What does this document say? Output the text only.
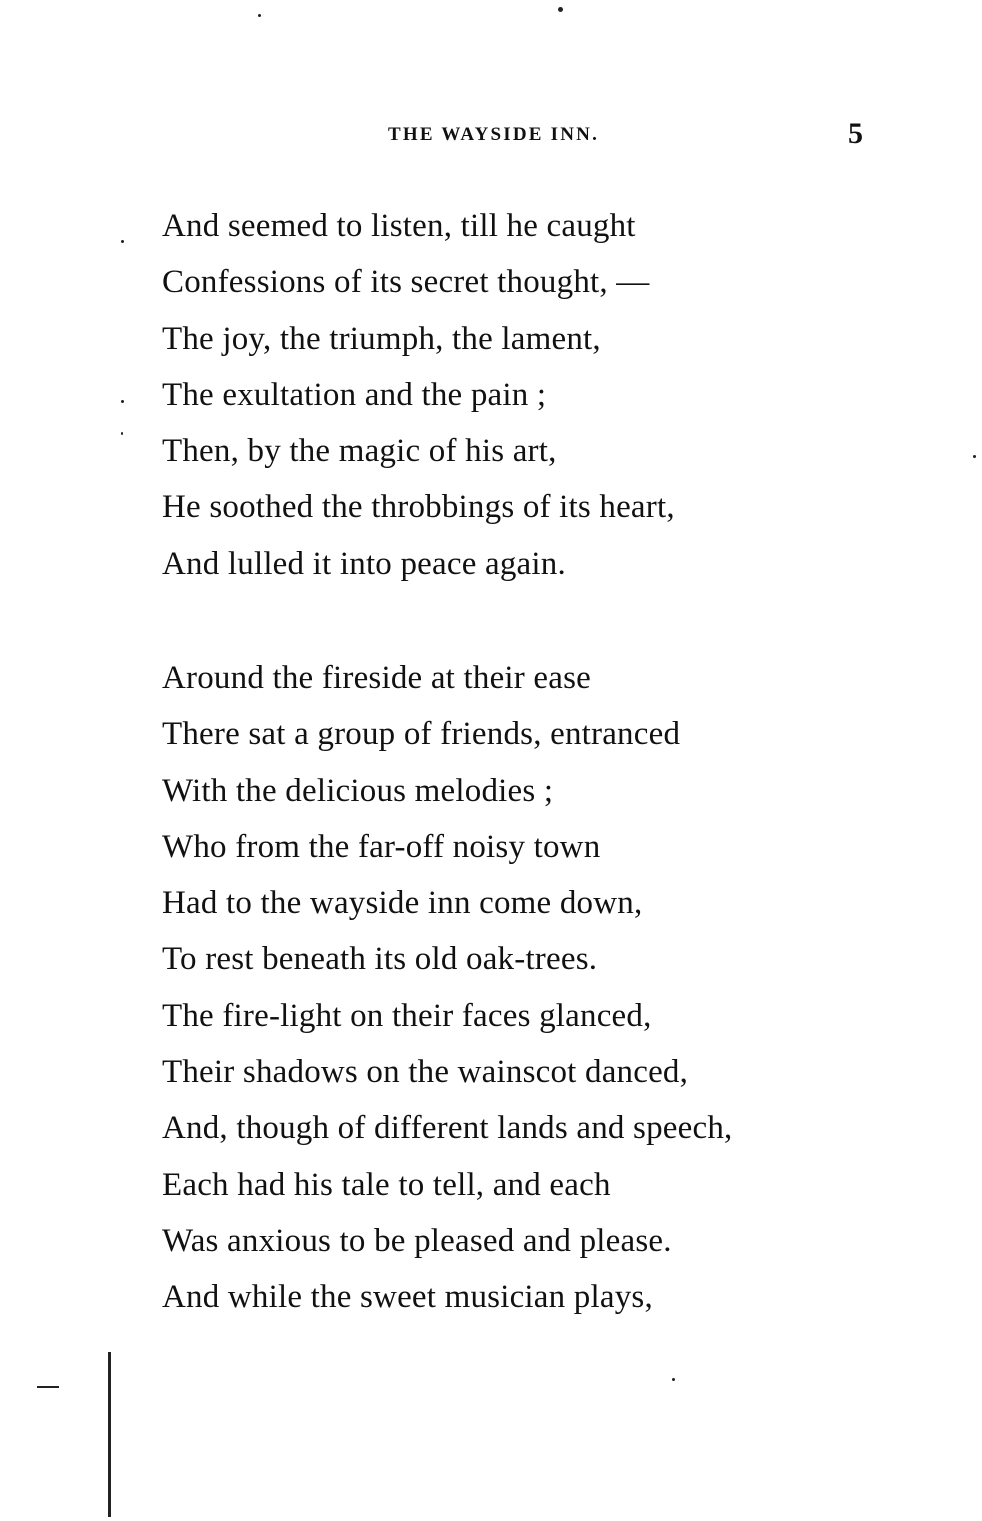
THE WAYSIDE INN.	5
And seemed to listen, till he caught
Confessions of its secret thought, —
The joy, the triumph, the lament,
The exultation and the pain ;
Then, by the magic of his art,
He soothed the throbbings of its heart,
And lulled it into peace again.
Around the fireside at their ease
There sat a group of friends, entranced
With the delicious melodies ;
Who from the far-off noisy town
Had to the wayside inn come down,
To rest beneath its old oak-trees.
The fire-light on their faces glanced,
Their shadows on the wainscot danced,
And, though of different lands and speech,
Each had his tale to tell, and each
Was anxious to be pleased and please.
And while the sweet musician plays,
